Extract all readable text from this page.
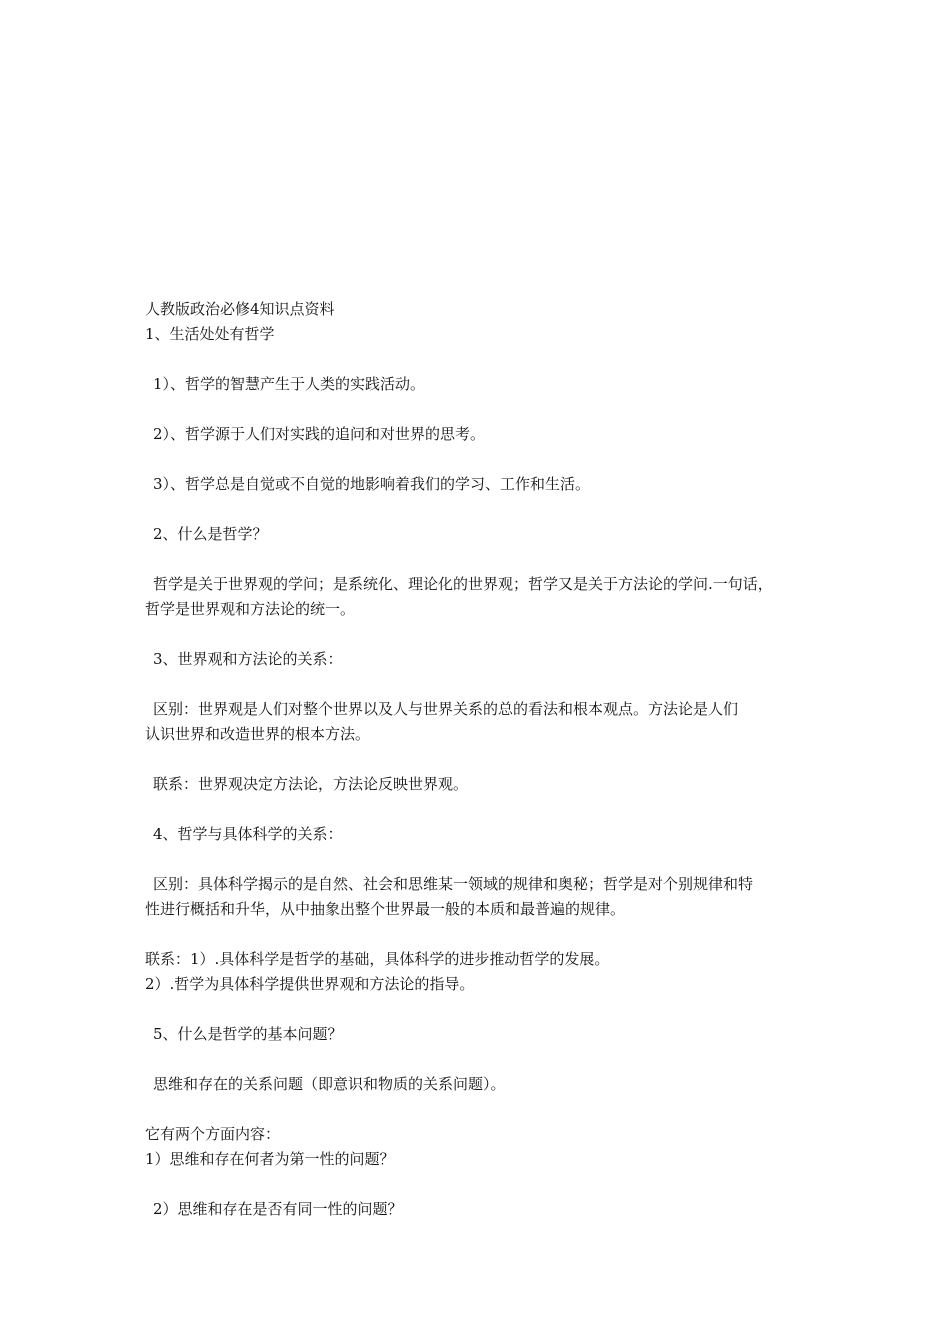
人教版政治必修4知识点资料
1、生活处处有哲学
1）、哲学的智慧产生于人类的实践活动。
2）、哲学源于人们对实践的追问和对世界的思考。
3）、哲学总是自觉或不自觉的地影响着我们的学习、工作和生活。
2、什么是哲学？
哲学是关于世界观的学问；是系统化、理论化的世界观；哲学又是关于方法论的学问.一句话，
哲学是世界观和方法论的统一。
3、世界观和方法论的关系：
区别：世界观是人们对整个世界以及人与世界关系的总的看法和根本观点。方法论是人们
认识世界和改造世界的根本方法。
联系：世界观决定方法论，方法论反映世界观。
4、哲学与具体科学的关系：
区别：具体科学揭示的是自然、社会和思维某一领域的规律和奥秘；哲学是对个别规律和特
性进行概括和升华，从中抽象出整个世界最一般的本质和最普遍的规律。
联系：1）.具体科学是哲学的基础，具体科学的进步推动哲学的发展。
2）.哲学为具体科学提供世界观和方法论的指导。
5、什么是哲学的基本问题？
思维和存在的关系问题（即意识和物质的关系问题）。
它有两个方面内容：
1）思维和存在何者为第一性的问题？
2）思维和存在是否有同一性的问题？
